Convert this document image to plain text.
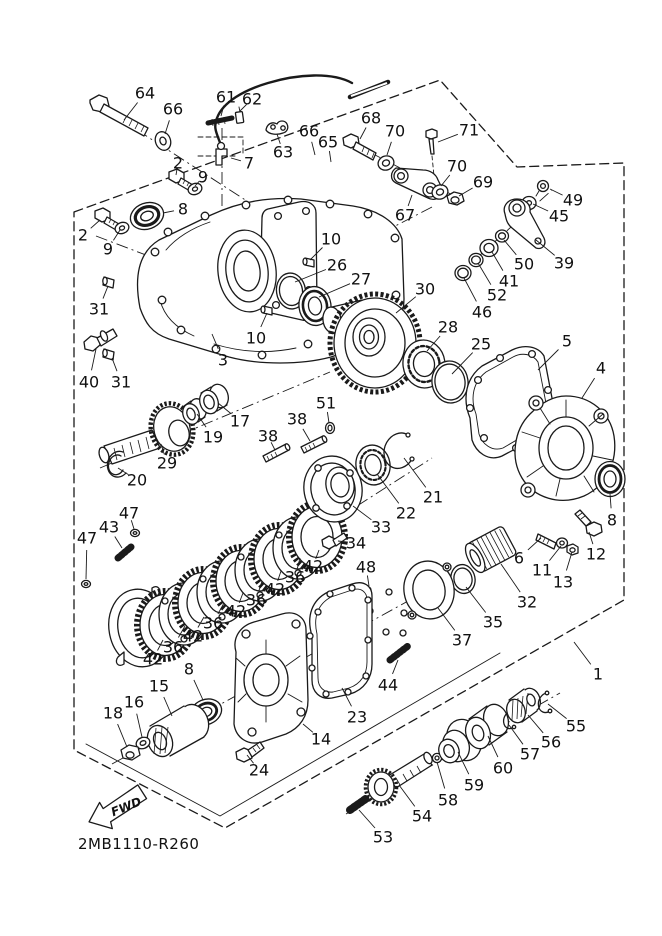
FWD
2MB1110-R260
1
2
2
3	4
5
6
7
8
8
8
9
9
10
10
11
12
13
14
15
16
17
18
19
20
21
22
23
24
25
26
27
28
29
30
31
31
32
33
34
35
36
36
36
36
37
38
38
39
40
41
42
42
42
42
42
43
44
45
46
47
47
48
49
50
51
52
53
54
55
56
57
58
59
60
61 62
63
64
65
66
66
67
68
69
70
70
71
